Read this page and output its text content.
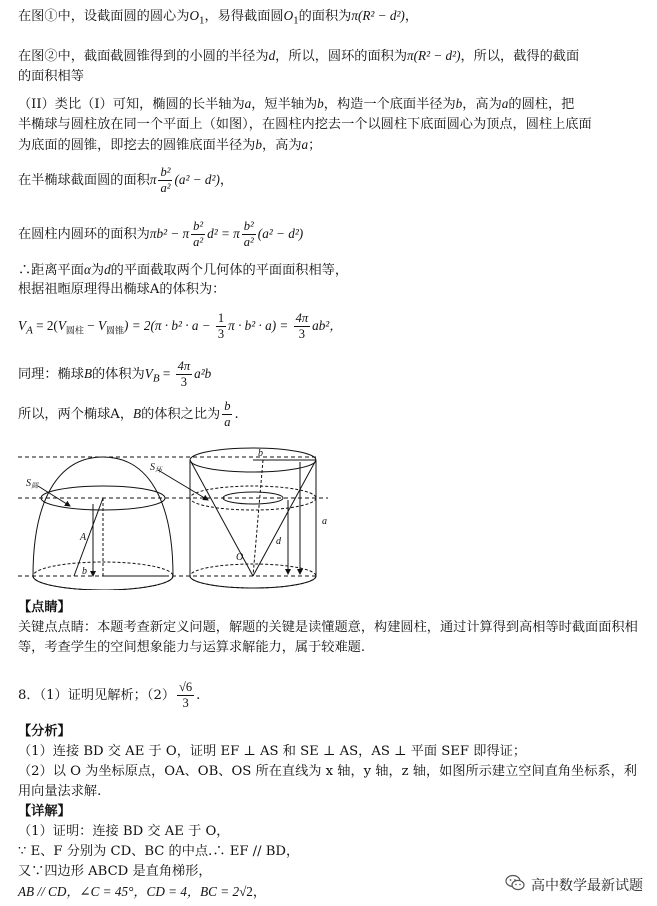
在图①中，设截面圆的圆心为$O_1$，易得截面圆$O_1$的面积为π(R² − d²)，
在图②中，截面截圆锥得到的小圆的半径为d，所以，圆环的面积为π(R² − d²)，所以，截得的截面
的面积相等
（II）类比（I）可知，椭圆的长半轴为a，短半轴为b，构造一个底面半径为b，高为a的圆柱，把
半椭球与圆柱放在同一个平面上（如图），在圆柱内挖去一个以圆柱下底面圆心为顶点，圆柱上底面
为底面的圆锥，即挖去的圆锥底面半径为b，高为a；
在半椭球截面圆的面积π $\frac{\text{b²}}{\text{a²}} (a^2 - d^2)$，
在圆柱内圆环的面积为πb² − π $\frac{\text{b²}}{\text{a²}} d^2 = \pi \frac{\text{b²}}{\text{a²}} (a^2 - d^2)$
∴距离平面α为d的平面截取两个几何体的平面面积相等，
根据祖暅原理得出椭球A的体积为：
$V_A = 2(V_{圆柱} - V_{圆锥}) = 2(\pi \cdot b^2 \cdot a - \frac{1}{3}$ $\pi \cdot b^2 \cdot a) = \frac{4\pi}{3} ab^2$，
同理：椭球B的体积为$V_B = \frac{4\pi}{3} a^2b$
所以，两个椭球A，B的体积之比为 $\frac{b}{a}$ .
$S_圆$
A
b
$S_环$
b
O
d
a
【点睛】
关键点点睛：本题考查新定义问题，解题的关键是读懂题意，构建圆柱，通过计算得到高相等时截面面积相等，考查学生的空间想象能力与运算求解能力，属于较难题.
8．（1）证明见解析；$(2) \frac{√6}{3}$ .
【分析】
（1）连接 BD 交 AE 于 O，证明 EF ⊥ AS 和 SE ⊥ AS，AS ⊥ 平面 SEF 即得证；
（2）以 O 为坐标原点，OA、OB、OS 所在直线为 x 轴，y 轴，z 轴，如图所示建立空间直角坐标系，利用向量法求解.
【详解】
（1）证明：连接 BD 交 AE 于 O，
∵ E、F 分别为 CD、BC 的中点.∴ EF // BD，
又∵四边形 ABCD 是直角梯形，
AB // CD，∠C = 45°，CD = 4，BC = 2√2，	高中数学最新试题
